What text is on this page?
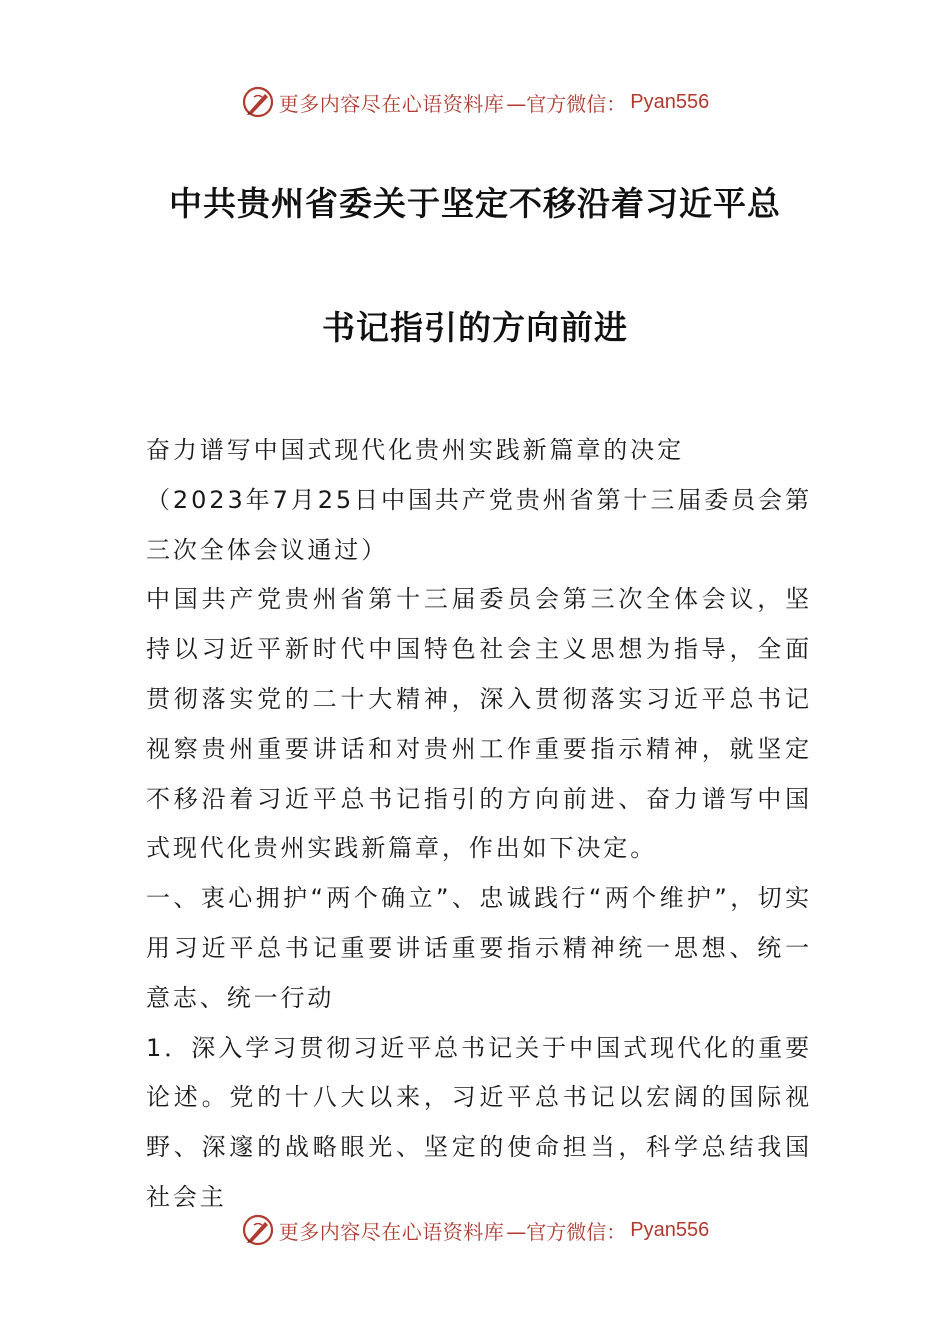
更多内容尽在心语资料库 —官方微信： Pyan556
中共贵州省委关于坚定不移沿着习近平总
书记指引的方向前进

奋力谱写中国式现代化贵州实践新篇章的决定

（2023年7月25日中国共产党贵州省第十三届委员会第三次全体会议通过）

中国共产党贵州省第十三届委员会第三次全体会议，坚持以习近平新时代中国特色社会主义思想为指导，全面贯彻落实党的二十大精神，深入贯彻落实习近平总书记视察贵州重要讲话和对贵州工作重要指示精神，就坚定不移沿着习近平总书记指引的方向前进、奋力谱写中国式现代化贵州实践新篇章，作出如下决定。

一、衷心拥护“两个确立”、忠诚践行“两个维护”，切实用习近平总书记重要讲话重要指示精神统一思想、统一意志、统一行动

1．深入学习贯彻习近平总书记关于中国式现代化的重要论述。党的十八大以来，习近平总书记以宏阔的国际视野、深邃的战略眼光、坚定的使命担当，科学总结我国社会主

更多内容尽在心语资料库 —官方微信： Pyan556
